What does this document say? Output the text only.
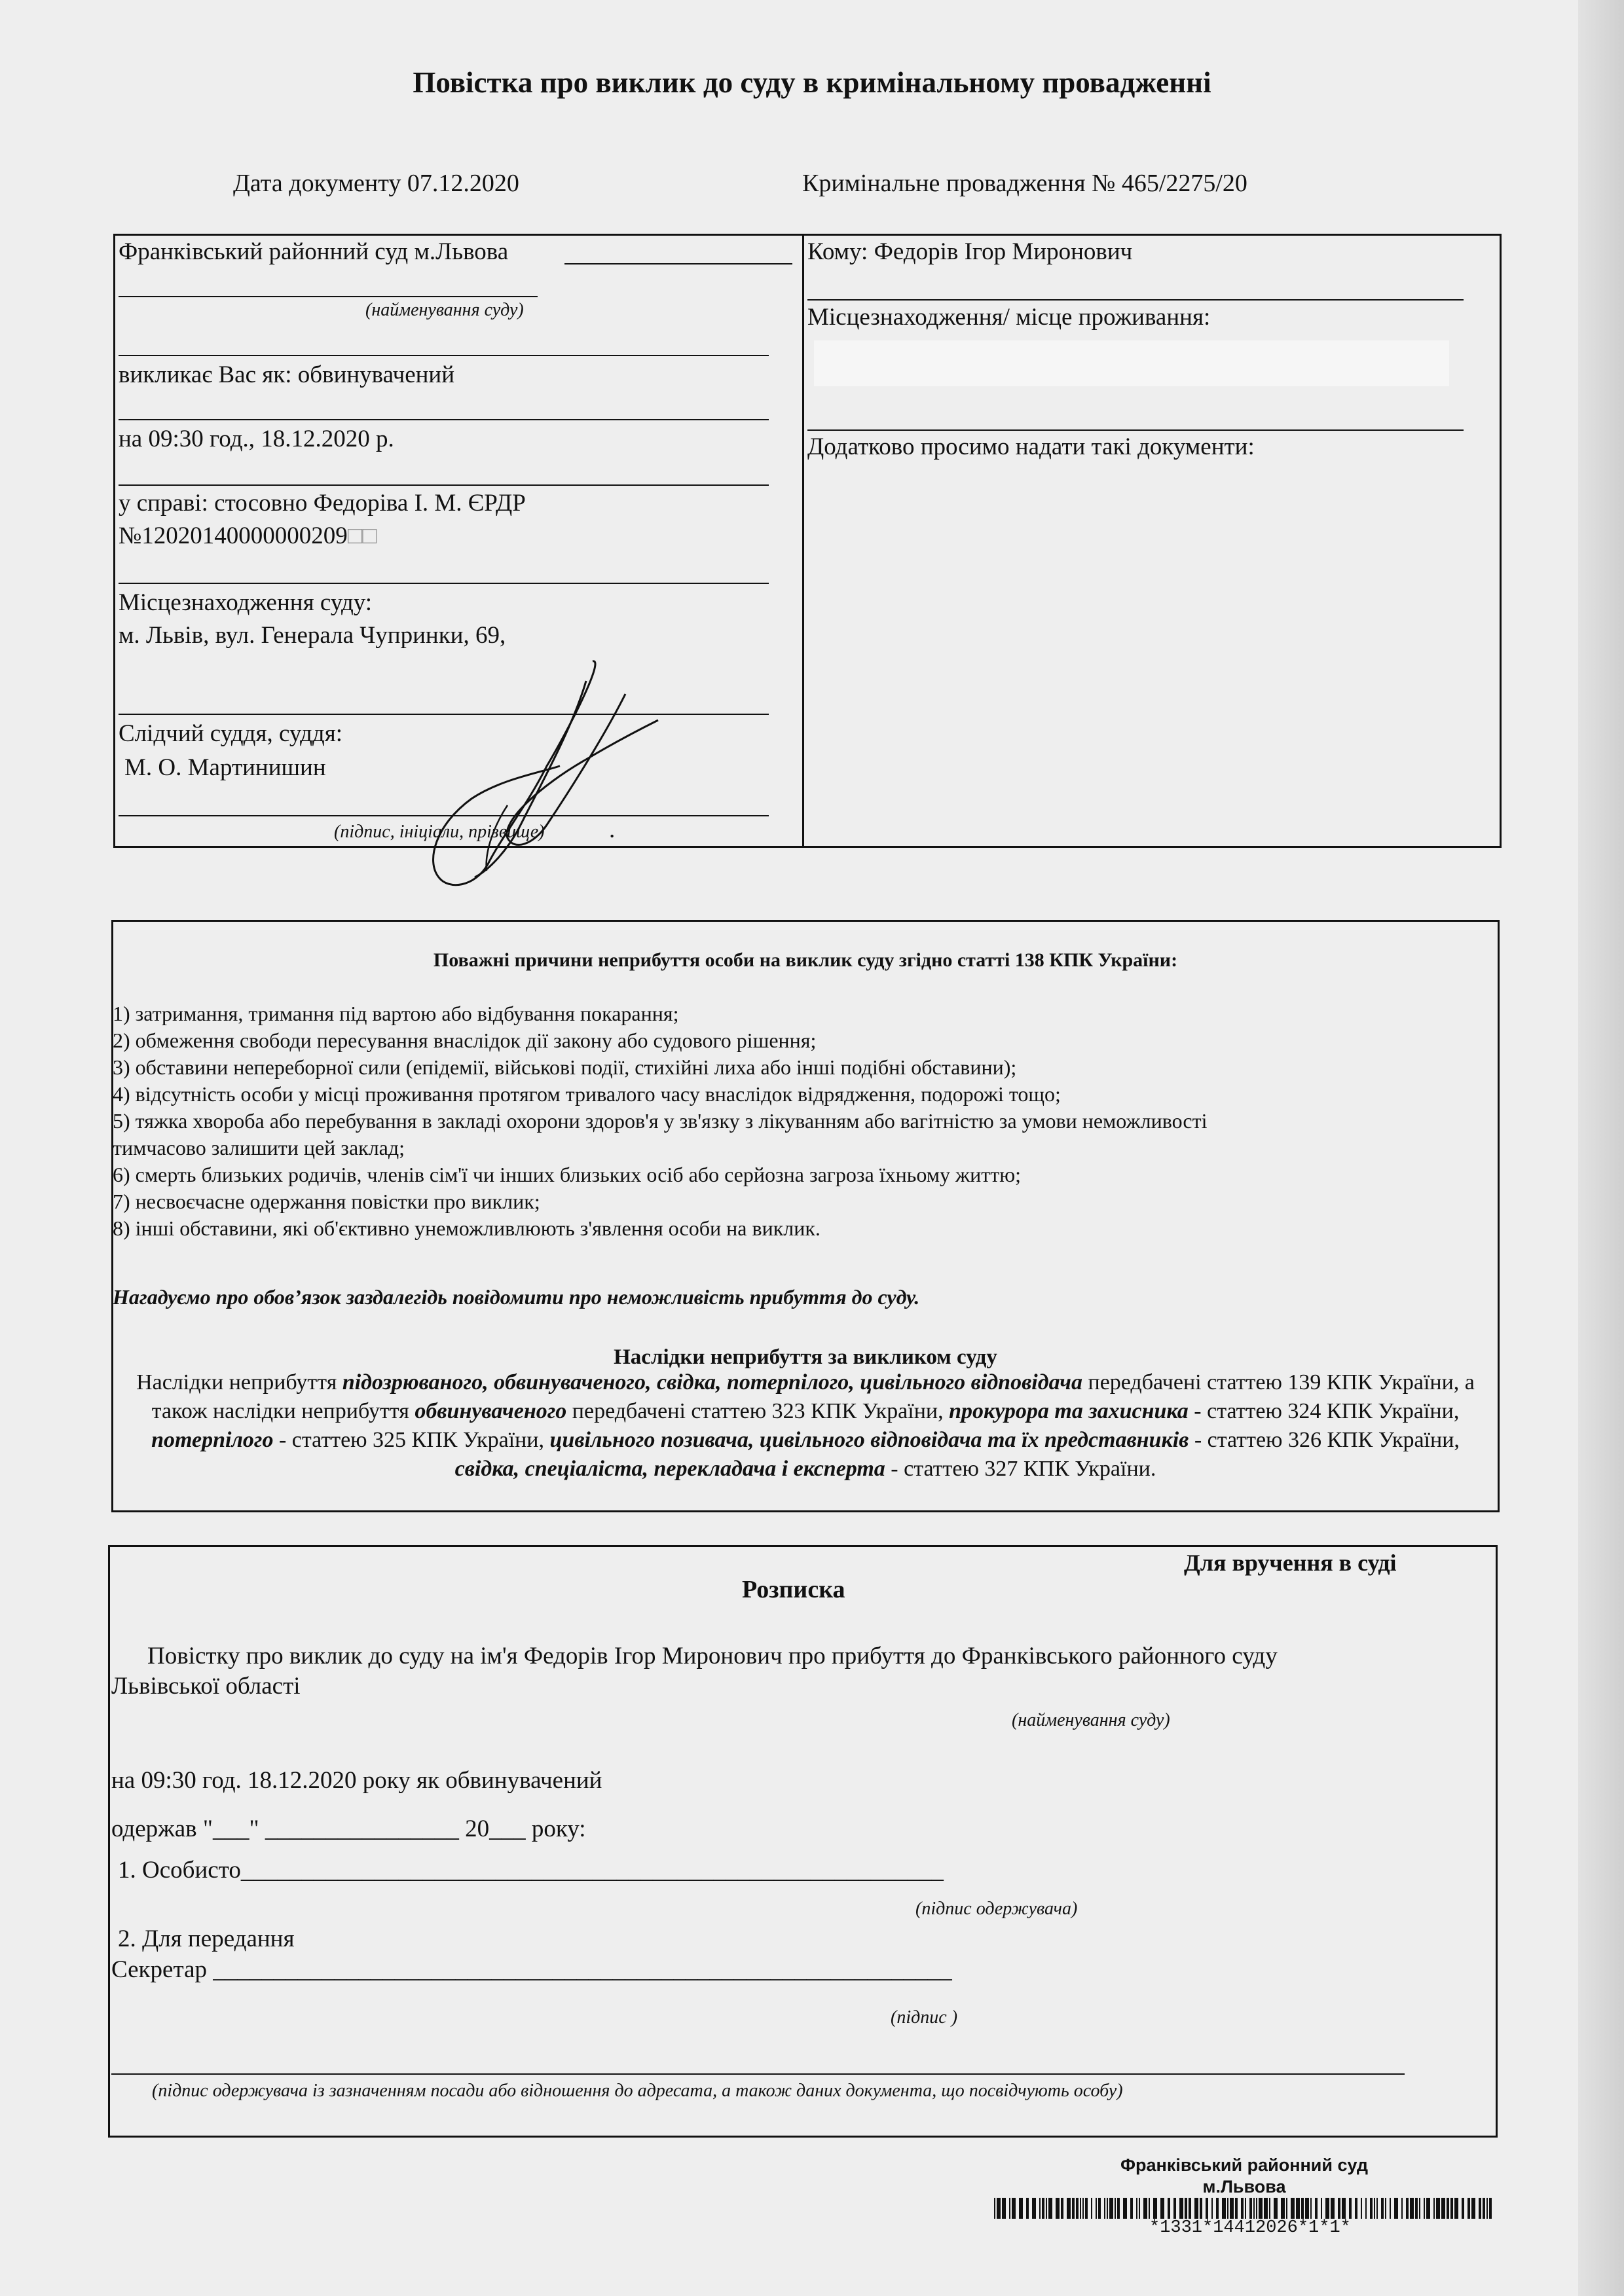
Повістка про виклик до суду в кримінальному провадженні
Дата документу 07.12.2020	Кримінальне провадження № 465/2275/20
Франківський районний суд м.Львова
(найменування суду)
викликає Вас як: обвинувачений
на 09:30 год., 18.12.2020 р.
у справі: стосовно Федоріва І. М. ЄРДР
№12020140000000209□□
Місцезнаходження суду:
м. Львів, вул. Генерала Чупринки, 69,
Слідчий суддя, суддя:
М. О. Мартинишин
(підпис, ініціали, прізвище)	.
Кому: Федорів Ігор Миронович
Місцезнаходження/ місце проживання:
Додатково просимо надати такі документи:
Поважні причини неприбуття особи на виклик суду згідно статті 138 КПК України:
1) затримання, тримання під вартою або відбування покарання;
2) обмеження свободи пересування внаслідок дії закону або судового рішення;
3) обставини непереборної сили (епідемії, військові події, стихійні лиха або інші подібні обставини);
4) відсутність особи у місці проживання протягом тривалого часу внаслідок відрядження, подорожі тощо;
5) тяжка хвороба або перебування в закладі охорони здоров'я у зв'язку з лікуванням або вагітністю за умови неможливості
тимчасово залишити цей заклад;
6) смерть близьких родичів, членів сім'ї чи інших близьких осіб або серйозна загроза їхньому життю;
7) несвоєчасне одержання повістки про виклик;
8) інші обставини, які об'єктивно унеможливлюють з'явлення особи на виклик.
Нагадуємо про обов’язок заздалегідь повідомити про неможливість прибуття до суду.
Наслідки неприбуття за викликом суду
Наслідки неприбуття підозрюваного, обвинуваченого, свідка, потерпілого, цивільного відповідача передбачені статтею 139 КПК України, а також наслідки неприбуття обвинуваченого передбачені статтею 323 КПК України, прокурора та захисника - статтею 324 КПК України, потерпілого - статтею 325 КПК України, цивільного позивача, цивільного відповідача та їх представників - статтею 326 КПК України, свідка, спеціаліста, перекладача і експерта - статтею 327 КПК України.
Для вручення в суді
Розписка
Повістку про виклик до суду на ім'я Федорів Ігор Миронович про прибуття до Франківського районного суду
Львівської області
(найменування суду)
на 09:30 год. 18.12.2020 року як обвинувачений
одержав "___" ________________ 20___ року:
1. Особисто__________________________________________________________
(підпис одержувача)
2. Для передання
Секретар _____________________________________________________________
(підпис )
(підпис одержувача із зазначенням посади або відношення до адресата, а також даних документа, що посвідчують особу)
Франківський районний суд
м.Львова
*1331*14412026*1*1*
